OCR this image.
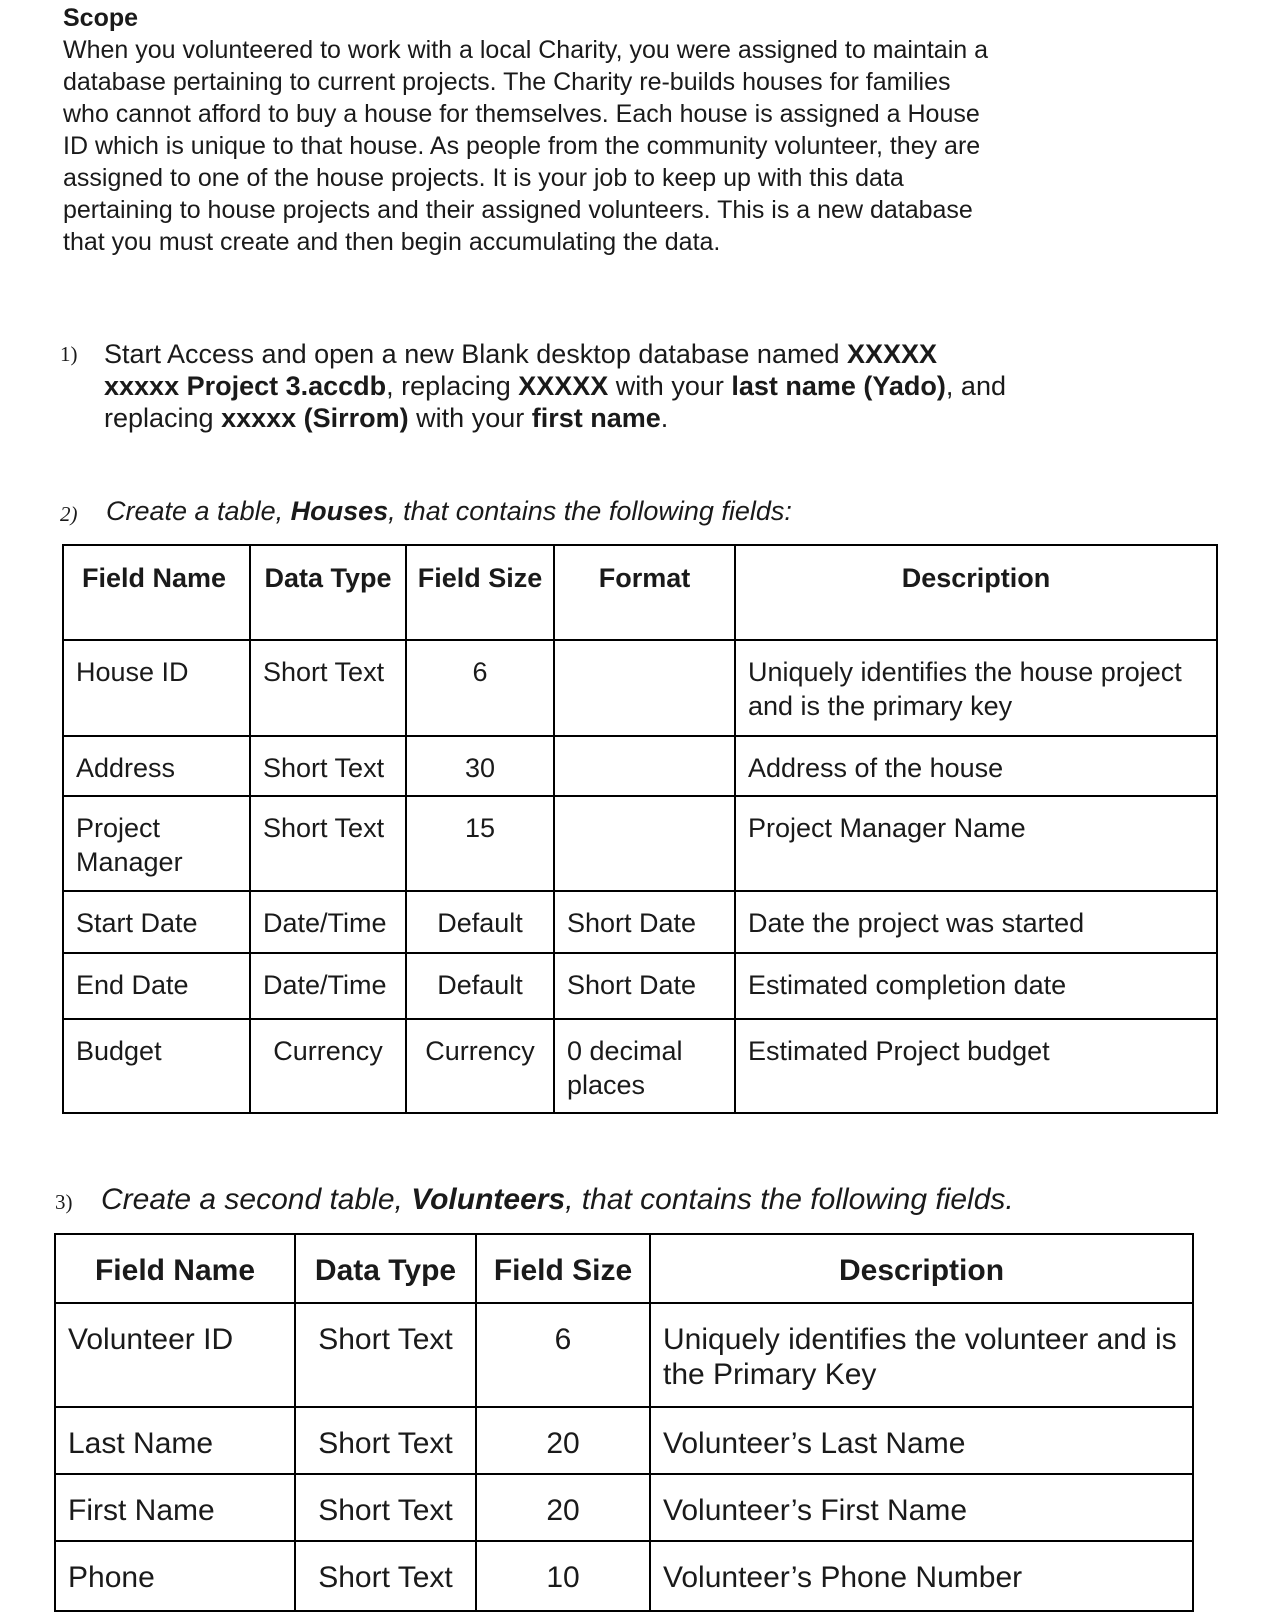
Scope
When you volunteered to work with a local Charity, you were assigned to maintain a
database pertaining to current projects. The Charity re-builds houses for families
who cannot afford to buy a house for themselves. Each house is assigned a House
ID which is unique to that house. As people from the community volunteer, they are
assigned to one of the house projects. It is your job to keep up with this data
pertaining to house projects and their assigned volunteers. This is a new database
that you must create and then begin accumulating the data.
1) Start Access and open a new Blank desktop database named XXXXX
xxxxx Project 3.accdb, replacing XXXXX with your last name (Yado), and
replacing xxxxx (Sirrom) with your first name.
2) Create a table, Houses, that contains the following fields:
Field Name	Data Type	Field Size	Format	Description
House ID	Short Text	6		Uniquely identifies the house project and is the primary key
Address	Short Text	30		Address of the house
Project Manager	Short Text	15		Project Manager Name
Start Date	Date/Time	Default	Short Date	Date the project was started
End Date	Date/Time	Default	Short Date	Estimated completion date
Budget	Currency	Currency	0 decimal places	Estimated Project budget
3) Create a second table, Volunteers, that contains the following fields.
Field Name	Data Type	Field Size	Description
Volunteer ID	Short Text	6	Uniquely identifies the volunteer and is the Primary Key
Last Name	Short Text	20	Volunteer’s Last Name
First Name	Short Text	20	Volunteer’s First Name
Phone	Short Text	10	Volunteer’s Phone Number
